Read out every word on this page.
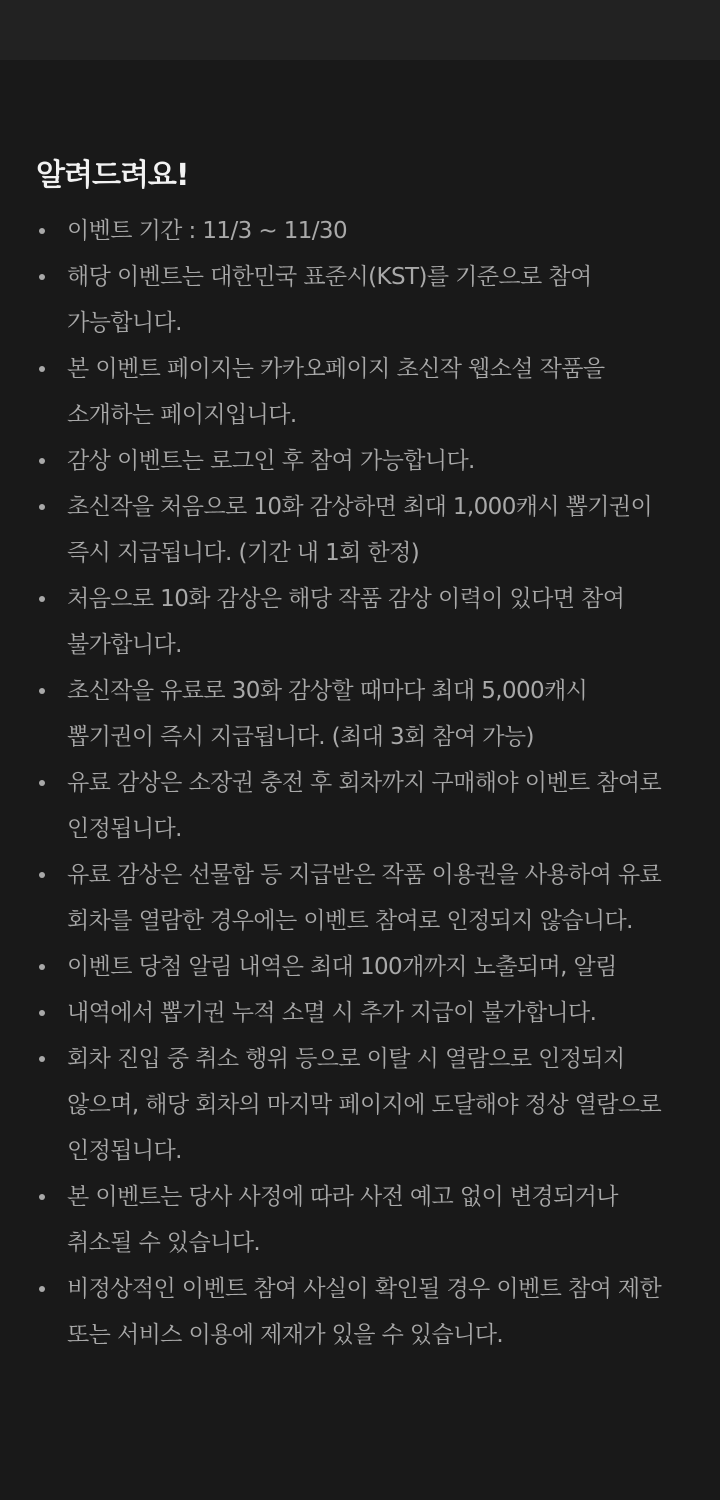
알려드려요!
이벤트 기간 : 11/3 ~ 11/30
해당 이벤트는 대한민국 표준시(KST)를 기준으로 참여
가능합니다.
본 이벤트 페이지는 카카오페이지 초신작 웹소설 작품을
소개하는 페이지입니다.
감상 이벤트는 로그인 후 참여 가능합니다.
초신작을 처음으로 10화 감상하면 최대 1,000캐시 뽑기권이
즉시 지급됩니다. (기간 내 1회 한정)
처음으로 10화 감상은 해당 작품 감상 이력이 있다면 참여
불가합니다.
초신작을 유료로 30화 감상할 때마다 최대 5,000캐시
뽑기권이 즉시 지급됩니다. (최대 3회 참여 가능)
유료 감상은 소장권 충전 후 회차까지 구매해야 이벤트 참여로
인정됩니다.
유료 감상은 선물함 등 지급받은 작품 이용권을 사용하여 유료
회차를 열람한 경우에는 이벤트 참여로 인정되지 않습니다.
이벤트 당첨 알림 내역은 최대 100개까지 노출되며, 알림
내역에서 뽑기권 누적 소멸 시 추가 지급이 불가합니다.
회차 진입 중 취소 행위 등으로 이탈 시 열람으로 인정되지
않으며, 해당 회차의 마지막 페이지에 도달해야 정상 열람으로
인정됩니다.
본 이벤트는 당사 사정에 따라 사전 예고 없이 변경되거나
취소될 수 있습니다.
비정상적인 이벤트 참여 사실이 확인될 경우 이벤트 참여 제한
또는 서비스 이용에 제재가 있을 수 있습니다.
